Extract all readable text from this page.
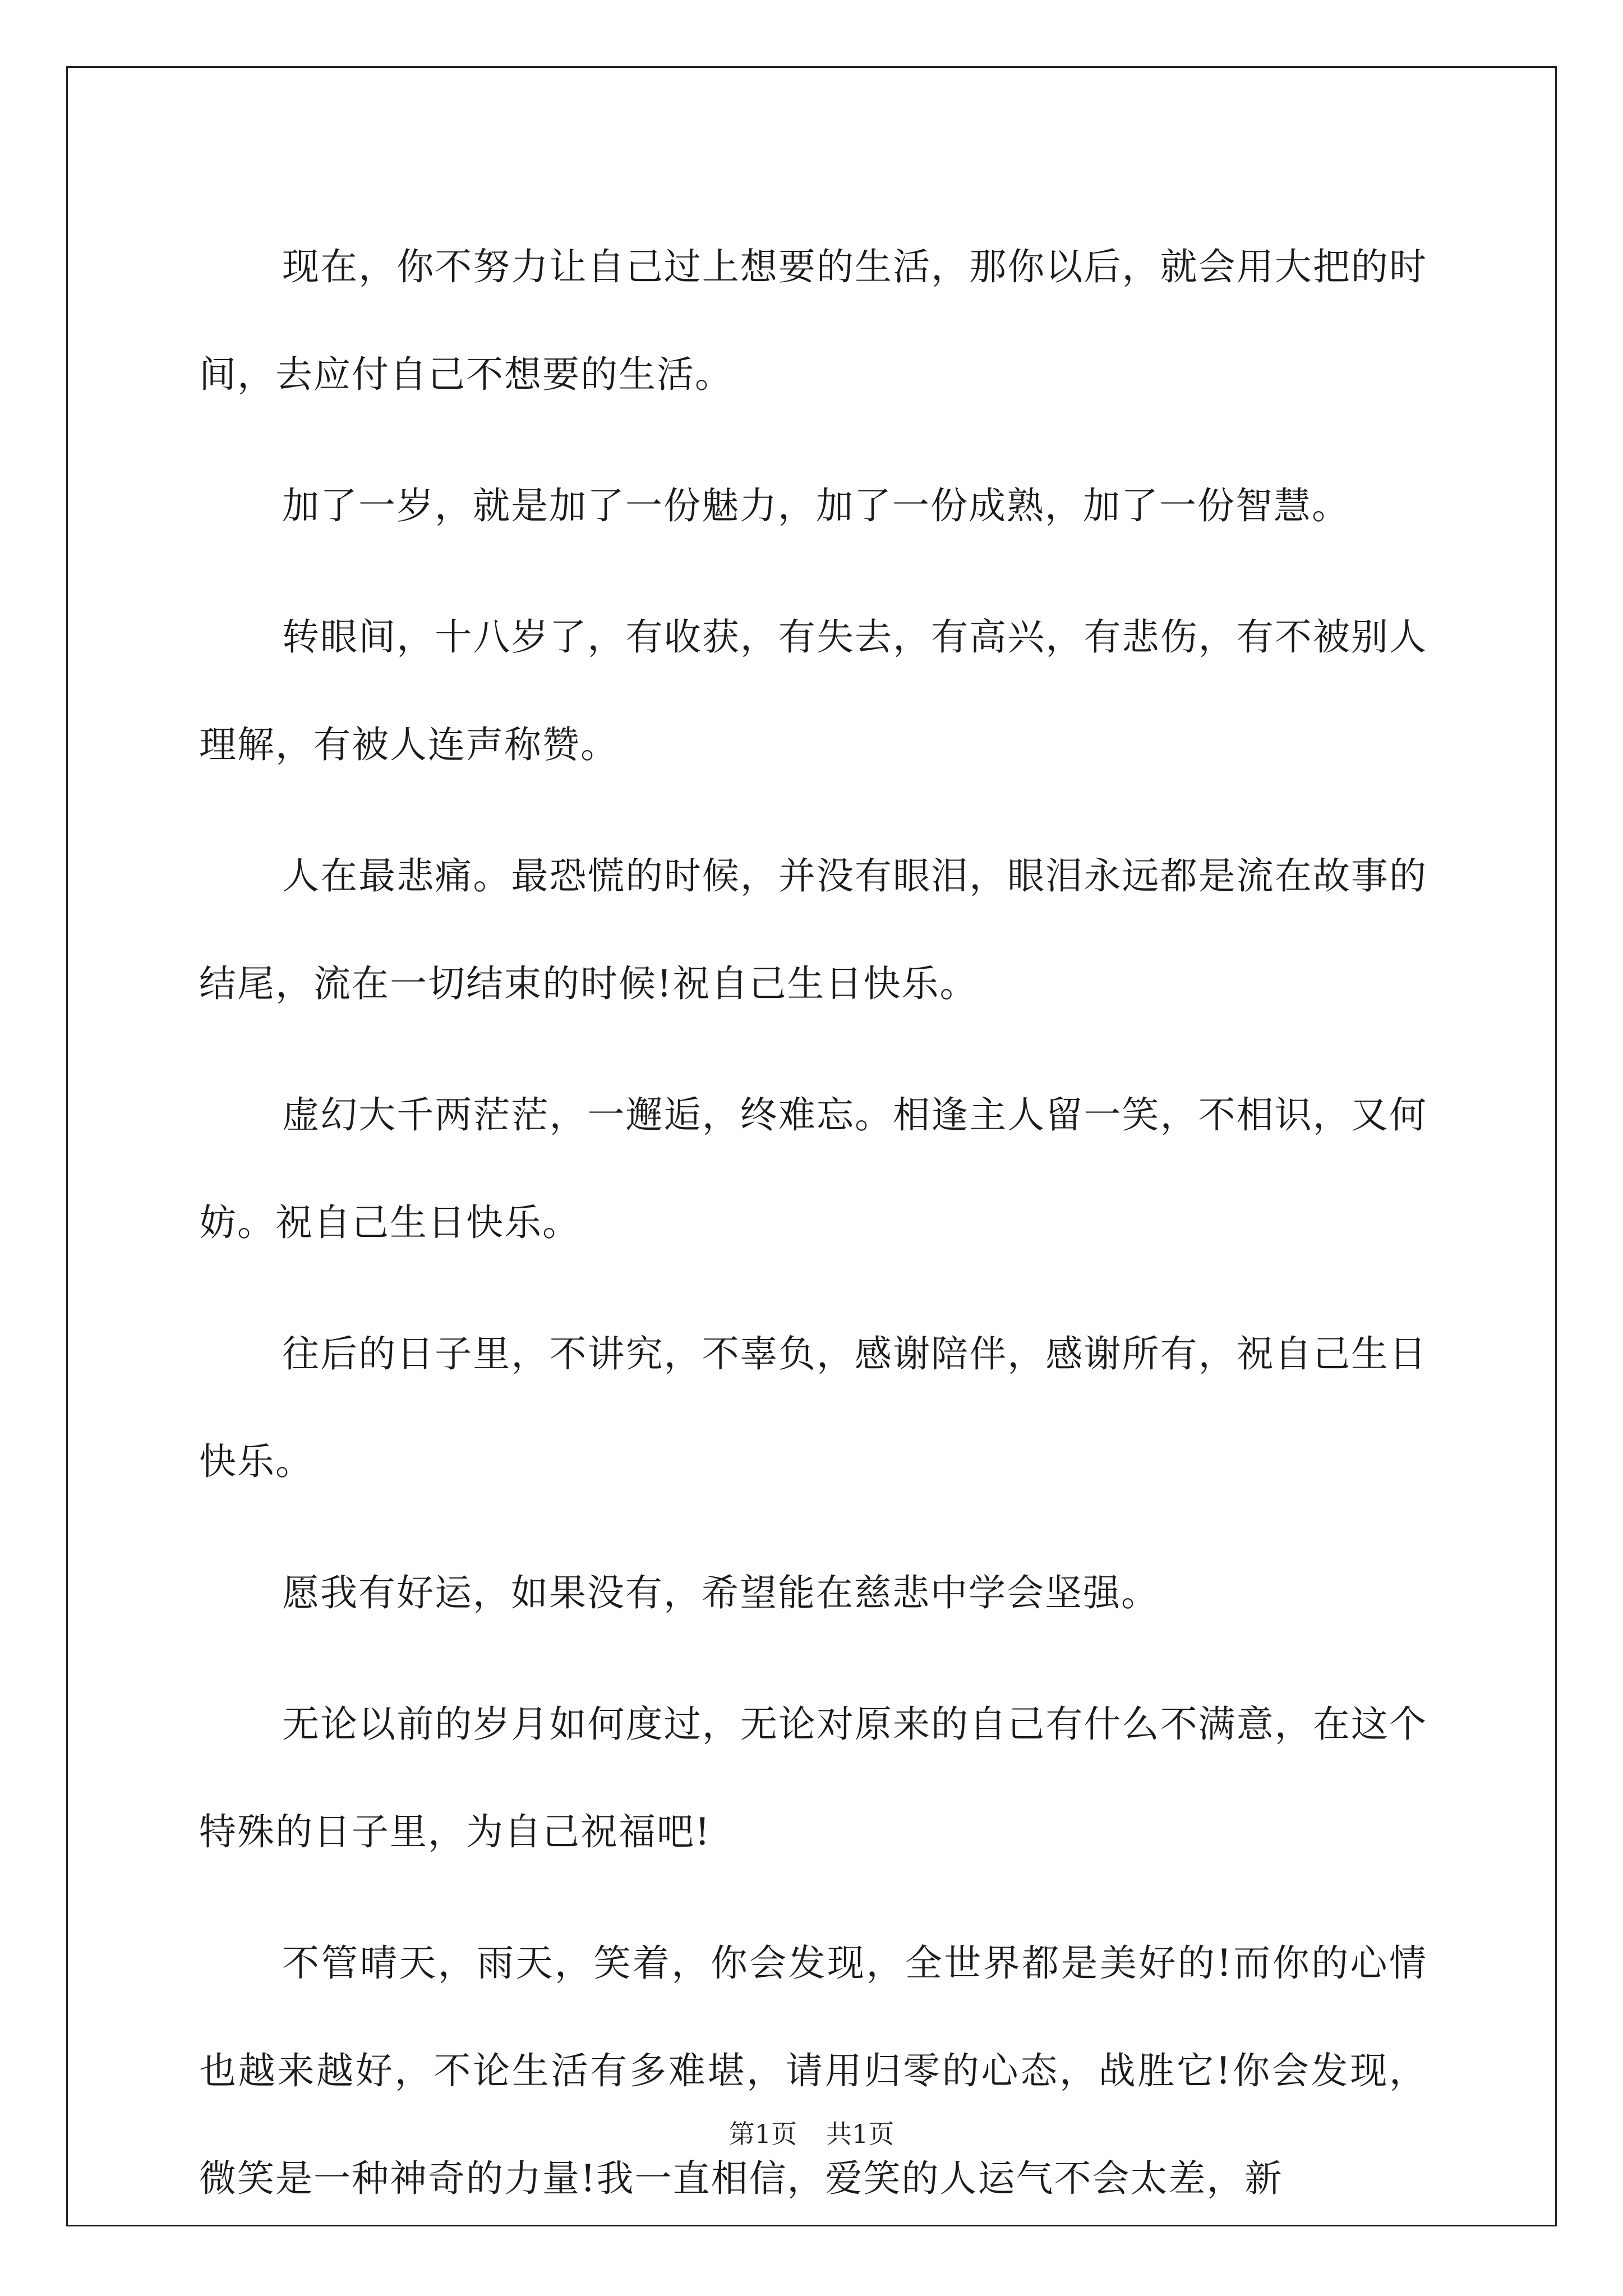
现在，你不努力让自己过上想要的生活，那你以后，就会用大把的时间，去应付自己不想要的生活。

加了一岁，就是加了一份魅力，加了一份成熟，加了一份智慧。

转眼间，十八岁了，有收获，有失去，有高兴，有悲伤，有不被别人理解，有被人连声称赞。

人在最悲痛。最恐慌的时候，并没有眼泪，眼泪永远都是流在故事的结尾，流在一切结束的时候!祝自己生日快乐。

虚幻大千两茫茫，一邂逅，终难忘。相逢主人留一笑，不相识，又何妨。祝自己生日快乐。

往后的日子里，不讲究，不辜负，感谢陪伴，感谢所有，祝自己生日快乐。

愿我有好运，如果没有，希望能在慈悲中学会坚强。

无论以前的岁月如何度过，无论对原来的自己有什么不满意，在这个特殊的日子里，为自己祝福吧!

不管晴天，雨天，笑着，你会发现，全世界都是美好的!而你的心情也越来越好，不论生活有多难堪，请用归零的心态，战胜它!你会发现，微笑是一种神奇的力量!我一直相信，爱笑的人运气不会太差，新

第1页 共1页
